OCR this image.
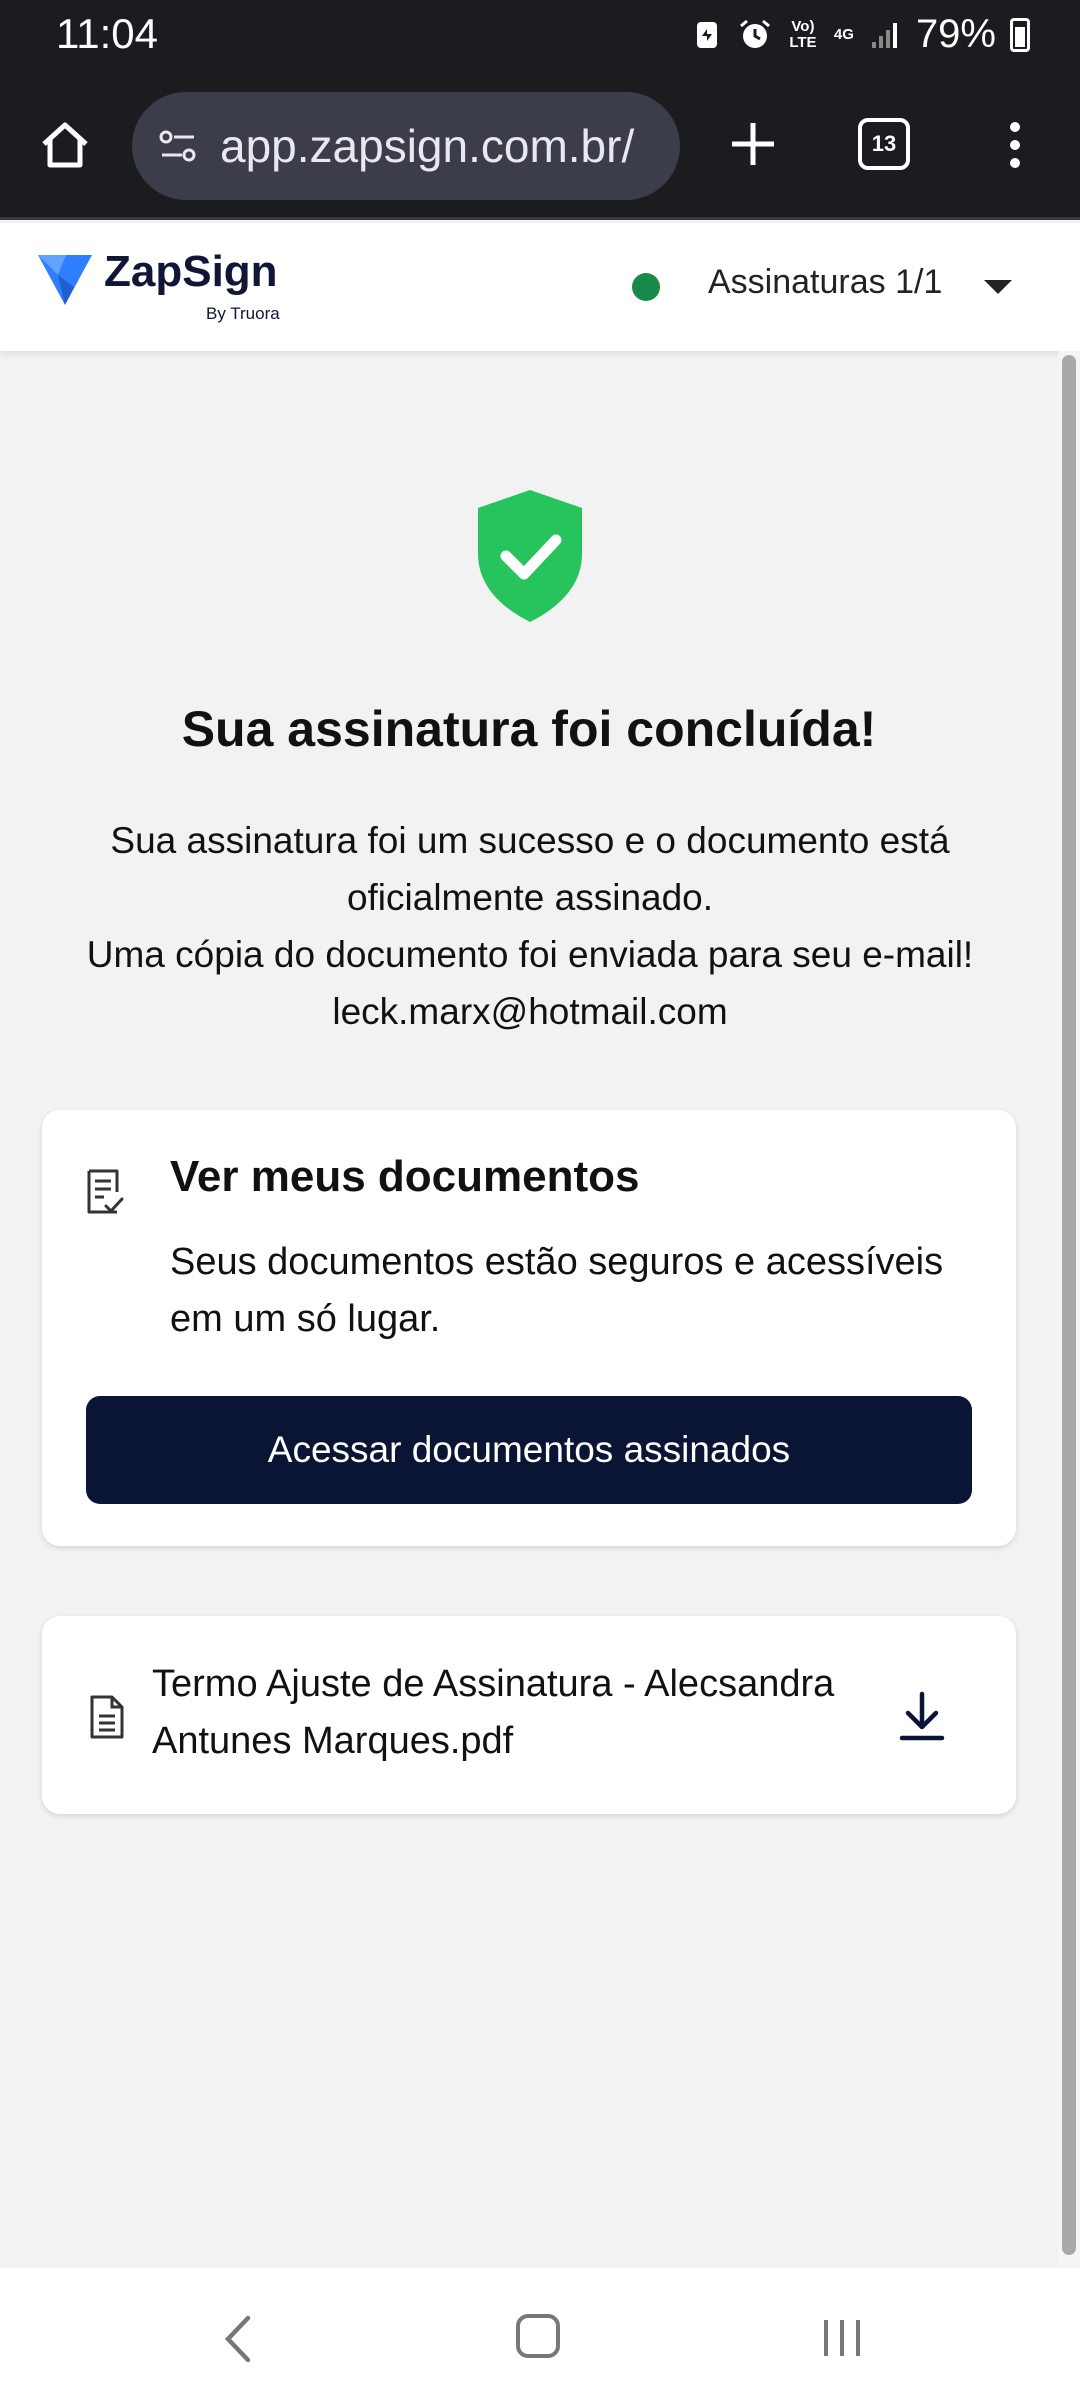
11:04	Vo) LTE 4G 79%
app.zapsign.com.br/	13
ZapSign
By Truora
Assinaturas 1/1
Sua assinatura foi concluída!
Sua assinatura foi um sucesso e o documento está oficialmente assinado.
Uma cópia do documento foi enviada para seu e-mail! leck.marx@hotmail.com
Ver meus documentos
Seus documentos estão seguros e acessíveis em um só lugar.
Acessar documentos assinados
Termo Ajuste de Assinatura - Alecsandra Antunes Marques.pdf
